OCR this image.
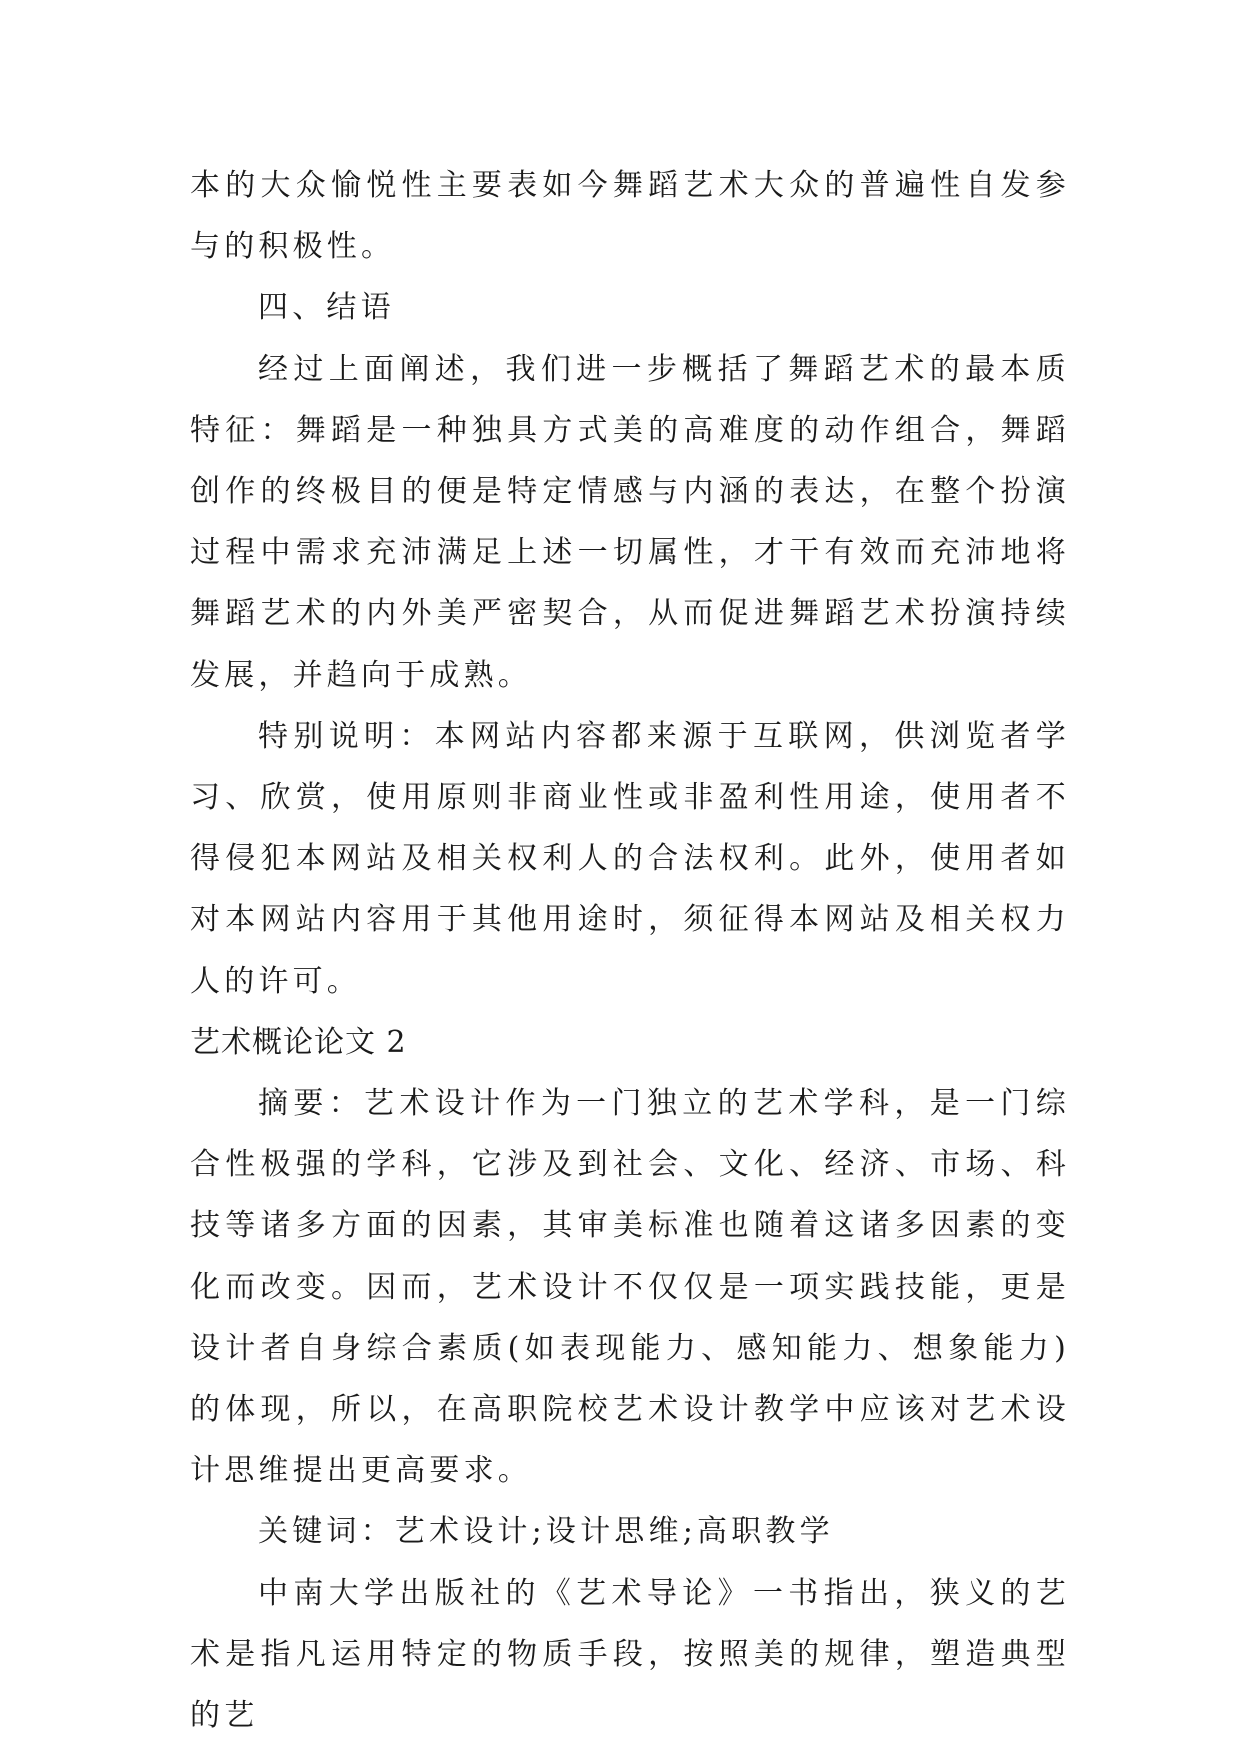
本的大众愉悦性主要表如今舞蹈艺术大众的普遍性自发参与的积极性。

四、结语

经过上面阐述，我们进一步概括了舞蹈艺术的最本质特征：舞蹈是一种独具方式美的高难度的动作组合，舞蹈创作的终极目的便是特定情感与内涵的表达，在整个扮演过程中需求充沛满足上述一切属性，才干有效而充沛地将舞蹈艺术的内外美严密契合，从而促进舞蹈艺术扮演持续发展，并趋向于成熟。

特别说明：本网站内容都来源于互联网，供浏览者学习、欣赏，使用原则非商业性或非盈利性用途，使用者不得侵犯本网站及相关权利人的合法权利。此外，使用者如对本网站内容用于其他用途时，须征得本网站及相关权力人的许可。

艺术概论论文 2

摘要：艺术设计作为一门独立的艺术学科，是一门综合性极强的学科，它涉及到社会、文化、经济、市场、科技等诸多方面的因素，其审美标准也随着这诸多因素的变化而改变。因而，艺术设计不仅仅是一项实践技能，更是设计者自身综合素质(如表现能力、感知能力、想象能力)的体现，所以，在高职院校艺术设计教学中应该对艺术设计思维提出更高要求。

关键词：艺术设计;设计思维;高职教学

中南大学出版社的《艺术导论》一书指出，狭义的艺术是指凡运用特定的物质手段，按照美的规律，塑造典型的艺
